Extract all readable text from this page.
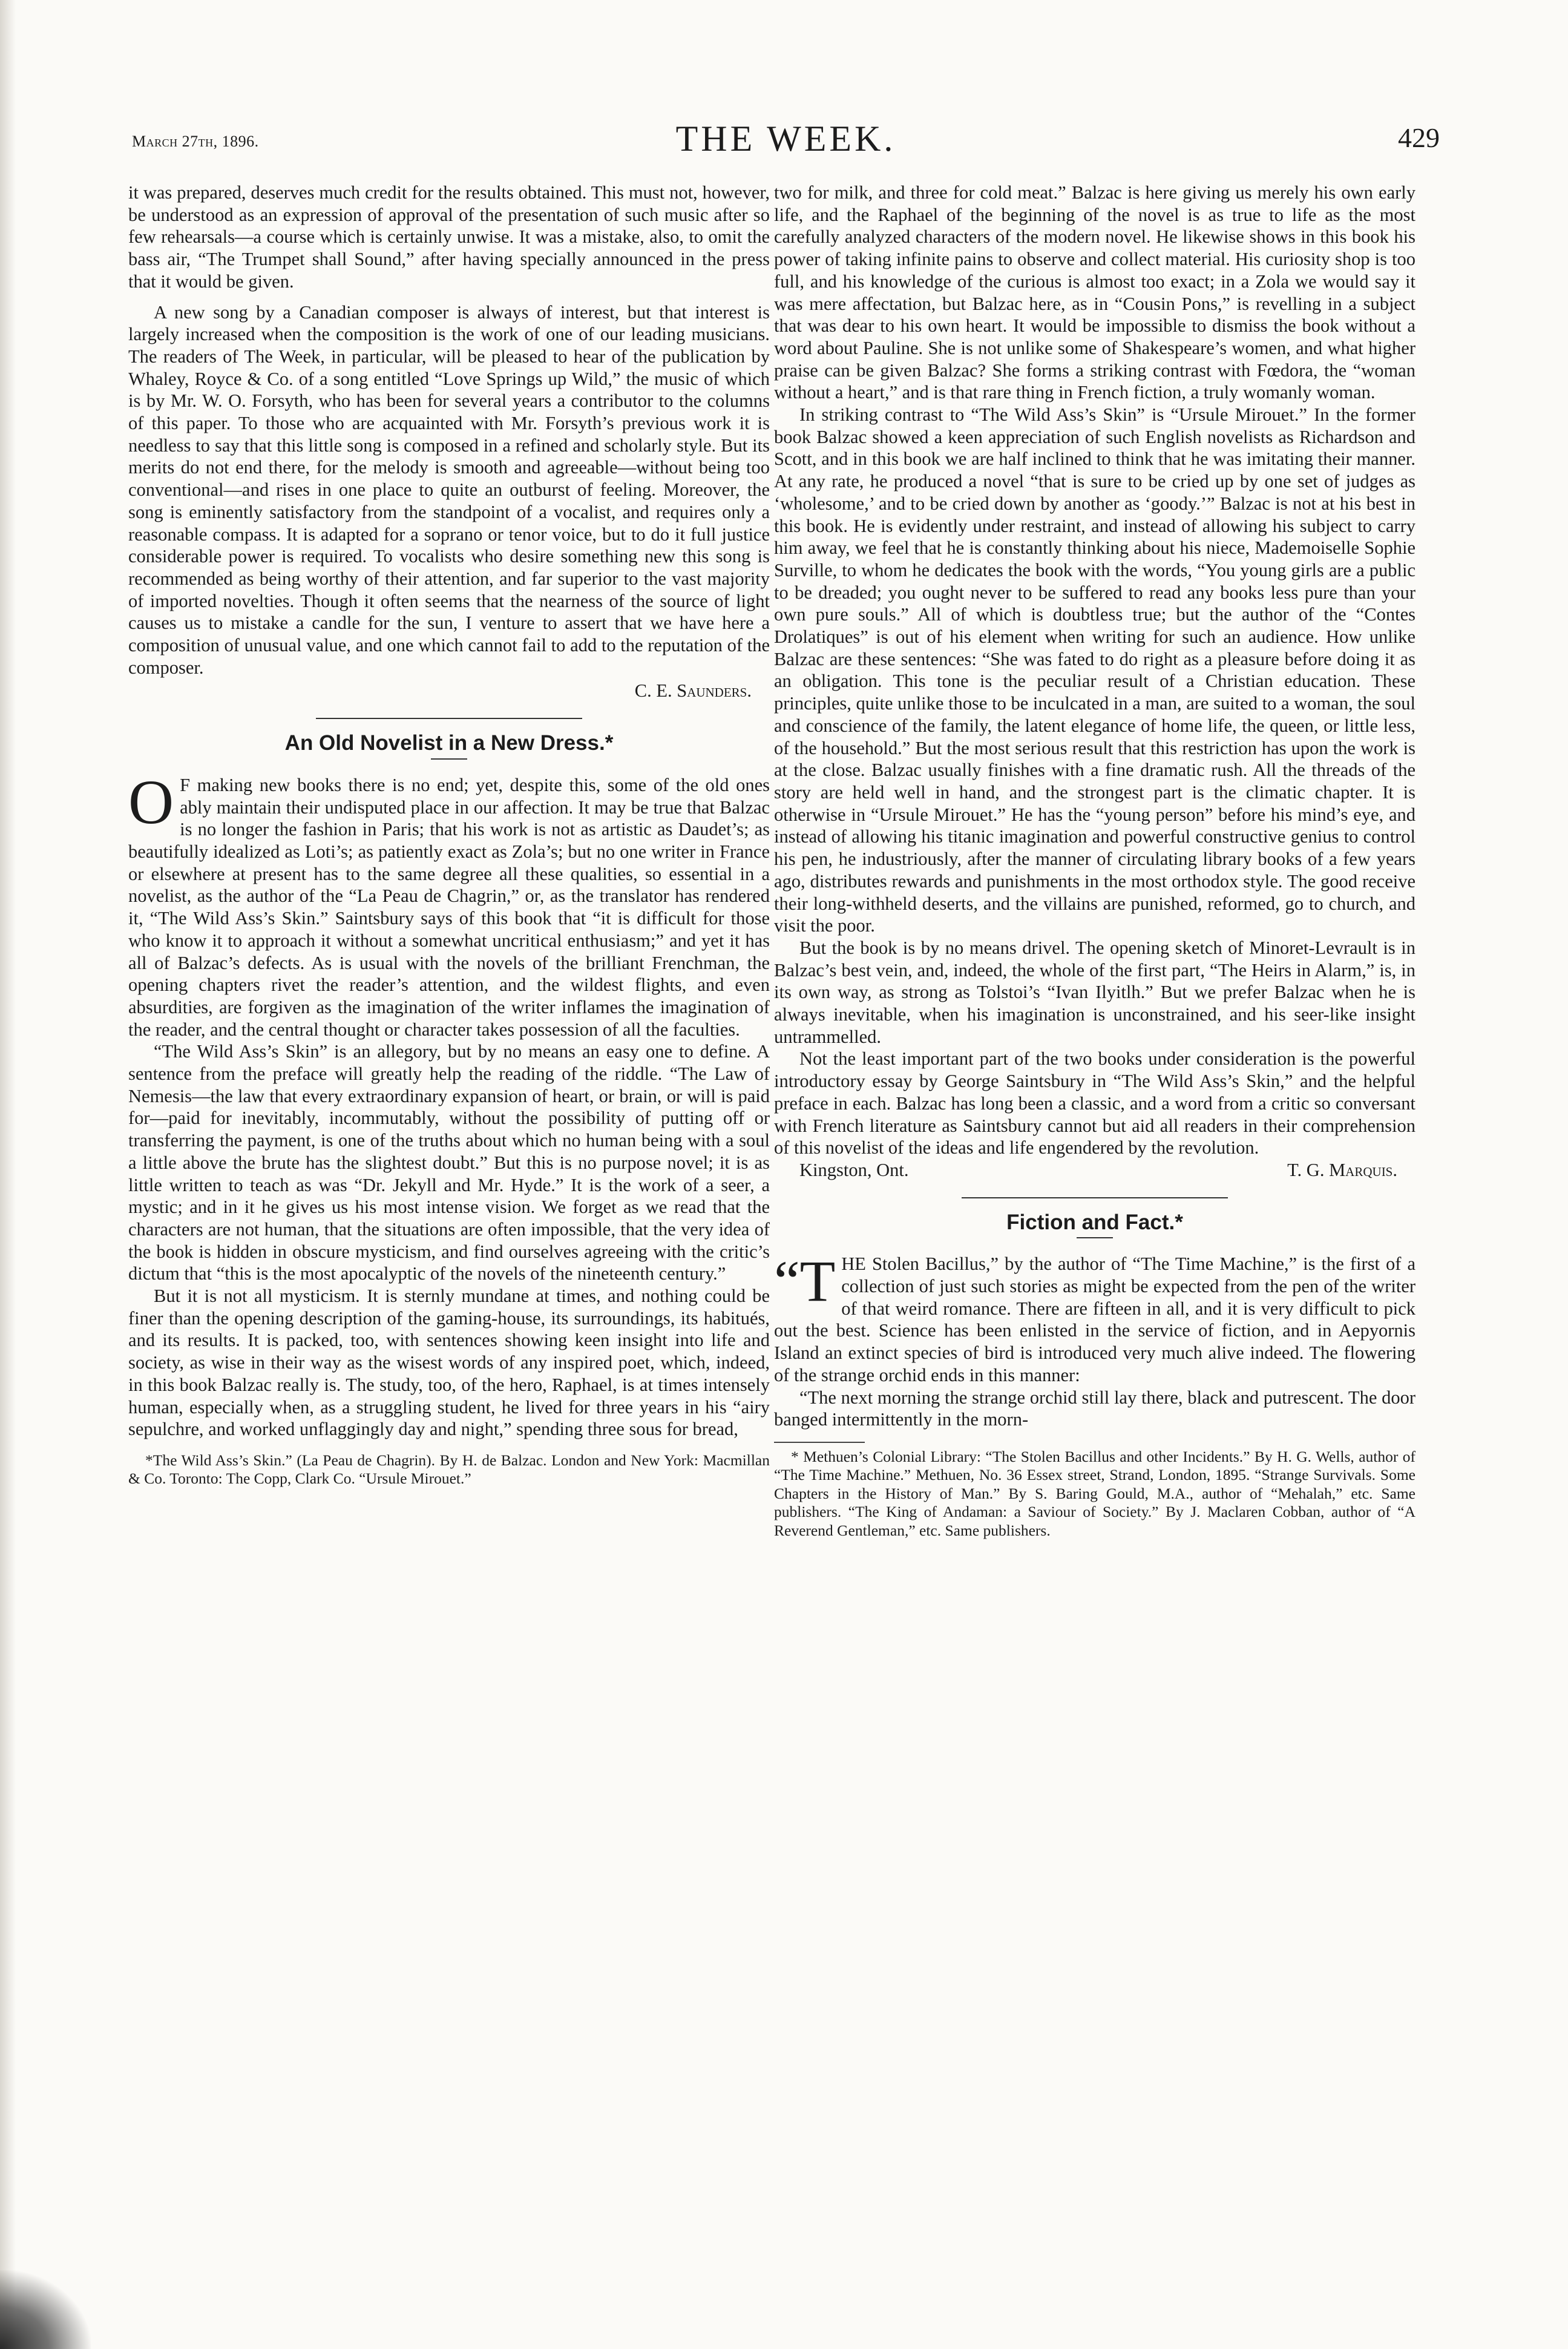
March 27th, 1896.	THE WEEK.	429

it was prepared, deserves much credit for the results obtained. This must not, however, be understood as an expression of approval of the presentation of such music after so few rehearsals—a course which is certainly unwise. It was a mistake, also, to omit the bass air, “The Trumpet shall Sound,” after having specially announced in the press that it would be given.

A new song by a Canadian composer is always of interest, but that interest is largely increased when the composition is the work of one of our leading musicians. The readers of The Week, in particular, will be pleased to hear of the publication by Whaley, Royce & Co. of a song entitled “Love Springs up Wild,” the music of which is by Mr. W. O. Forsyth, who has been for several years a contributor to the columns of this paper. To those who are acquainted with Mr. Forsyth’s previous work it is needless to say that this little song is composed in a refined and scholarly style. But its merits do not end there, for the melody is smooth and agreeable—without being too conventional—and rises in one place to quite an outburst of feeling. Moreover, the song is eminently satisfactory from the standpoint of a vocalist, and requires only a reasonable compass. It is adapted for a soprano or tenor voice, but to do it full justice considerable power is required. To vocalists who desire something new this song is recommended as being worthy of their attention, and far superior to the vast majority of imported novelties. Though it often seems that the nearness of the source of light causes us to mistake a candle for the sun, I venture to assert that we have here a composition of unusual value, and one which cannot fail to add to the reputation of the composer.

C. E. Saunders.
An Old Novelist in a New Dress.*

O F making new books there is no end; yet, despite this, some of the old ones ably maintain their undisputed place in our affection. It may be true that Balzac is no longer the fashion in Paris; that his work is not as artistic as Daudet’s; as beautifully idealized as Loti’s; as patiently exact as Zola’s; but no one writer in France or elsewhere at present has to the same degree all these qualities, so essential in a novelist, as the author of the “La Peau de Chagrin,” or, as the translator has rendered it, “The Wild Ass’s Skin.” Saintsbury says of this book that “it is difficult for those who know it to approach it without a somewhat uncritical enthusiasm;” and yet it has all of Balzac’s defects. As is usual with the novels of the brilliant Frenchman, the opening chapters rivet the reader’s attention, and the wildest flights, and even absurdities, are forgiven as the imagination of the writer inflames the imagination of the reader, and the central thought or character takes possession of all the faculties.

“The Wild Ass’s Skin” is an allegory, but by no means an easy one to define. A sentence from the preface will greatly help the reading of the riddle. “The Law of Nemesis—the law that every extraordinary expansion of heart, or brain, or will is paid for—paid for inevitably, incommutably, without the possibility of putting off or transferring the payment, is one of the truths about which no human being with a soul a little above the brute has the slightest doubt.” But this is no purpose novel; it is as little written to teach as was “Dr. Jekyll and Mr. Hyde.” It is the work of a seer, a mystic; and in it he gives us his most intense vision. We forget as we read that the characters are not human, that the situations are often impossible, that the very idea of the book is hidden in obscure mysticism, and find ourselves agreeing with the critic’s dictum that “this is the most apocalyptic of the novels of the nineteenth century.”

But it is not all mysticism. It is sternly mundane at times, and nothing could be finer than the opening description of the gaming-house, its surroundings, its habitués, and its results. It is packed, too, with sentences showing keen insight into life and society, as wise in their way as the wisest words of any inspired poet, which, indeed, in this book Balzac really is. The study, too, of the hero, Raphael, is at times intensely human, especially when, as a struggling student, he lived for three years in his “airy sepulchre, and worked unflaggingly day and night,” spending three sous for bread,

*The Wild Ass’s Skin.” (La Peau de Chagrin). By H. de Balzac. London and New York: Macmillan & Co. Toronto: The Copp, Clark Co. “Ursule Mirouet.”

two for milk, and three for cold meat.” Balzac is here giving us merely his own early life, and the Raphael of the beginning of the novel is as true to life as the most carefully analyzed characters of the modern novel. He likewise shows in this book his power of taking infinite pains to observe and collect material. His curiosity shop is too full, and his knowledge of the curious is almost too exact; in a Zola we would say it was mere affectation, but Balzac here, as in “Cousin Pons,” is revelling in a subject that was dear to his own heart. It would be impossible to dismiss the book without a word about Pauline. She is not unlike some of Shakespeare’s women, and what higher praise can be given Balzac? She forms a striking contrast with Fœdora, the “woman without a heart,” and is that rare thing in French fiction, a truly womanly woman.

In striking contrast to “The Wild Ass’s Skin” is “Ursule Mirouet.” In the former book Balzac showed a keen appreciation of such English novelists as Richardson and Scott, and in this book we are half inclined to think that he was imitating their manner. At any rate, he produced a novel “that is sure to be cried up by one set of judges as ‘wholesome,’ and to be cried down by another as ‘goody.’” Balzac is not at his best in this book. He is evidently under restraint, and instead of allowing his subject to carry him away, we feel that he is constantly thinking about his niece, Mademoiselle Sophie Surville, to whom he dedicates the book with the words, “You young girls are a public to be dreaded; you ought never to be suffered to read any books less pure than your own pure souls.” All of which is doubtless true; but the author of the “Contes Drolatiques” is out of his element when writing for such an audience. How unlike Balzac are these sentences: “She was fated to do right as a pleasure before doing it as an obligation. This tone is the peculiar result of a Christian education. These principles, quite unlike those to be inculcated in a man, are suited to a woman, the soul and conscience of the family, the latent elegance of home life, the queen, or little less, of the household.” But the most serious result that this restriction has upon the work is at the close. Balzac usually finishes with a fine dramatic rush. All the threads of the story are held well in hand, and the strongest part is the climatic chapter. It is otherwise in “Ursule Mirouet.” He has the “young person” before his mind’s eye, and instead of allowing his titanic imagination and powerful constructive genius to control his pen, he industriously, after the manner of circulating library books of a few years ago, distributes rewards and punishments in the most orthodox style. The good receive their long-withheld deserts, and the villains are punished, reformed, go to church, and visit the poor.

But the book is by no means drivel. The opening sketch of Minoret-Levrault is in Balzac’s best vein, and, indeed, the whole of the first part, “The Heirs in Alarm,” is, in its own way, as strong as Tolstoi’s “Ivan Ilyitlh.” But we prefer Balzac when he is always inevitable, when his imagination is unconstrained, and his seer-like insight untrammelled.

Not the least important part of the two books under consideration is the powerful introductory essay by George Saintsbury in “The Wild Ass’s Skin,” and the helpful preface in each. Balzac has long been a classic, and a word from a critic so conversant with French literature as Saintsbury cannot but aid all readers in their comprehension of this novelist of the ideas and life engendered by the revolution.

Kingston, Ont.	T. G. Marquis.
Fiction and Fact.*

“THE Stolen Bacillus,” by the author of “The Time Machine,” is the first of a collection of just such stories as might be expected from the pen of the writer of that weird romance. There are fifteen in all, and it is very difficult to pick out the best. Science has been enlisted in the service of fiction, and in Aepyornis Island an extinct species of bird is introduced very much alive indeed. The flowering of the strange orchid ends in this manner:

“The next morning the strange orchid still lay there, black and putrescent. The door banged intermittently in the morn-

* Methuen’s Colonial Library: “The Stolen Bacillus and other Incidents.” By H. G. Wells, author of “The Time Machine.” Methuen, No. 36 Essex street, Strand, London, 1895. “Strange Survivals. Some Chapters in the History of Man.” By S. Baring Gould, M.A., author of “Mehalah,” etc. Same publishers. “The King of Andaman: a Saviour of Society.” By J. Maclaren Cobban, author of “A Reverend Gentleman,” etc. Same publishers.
